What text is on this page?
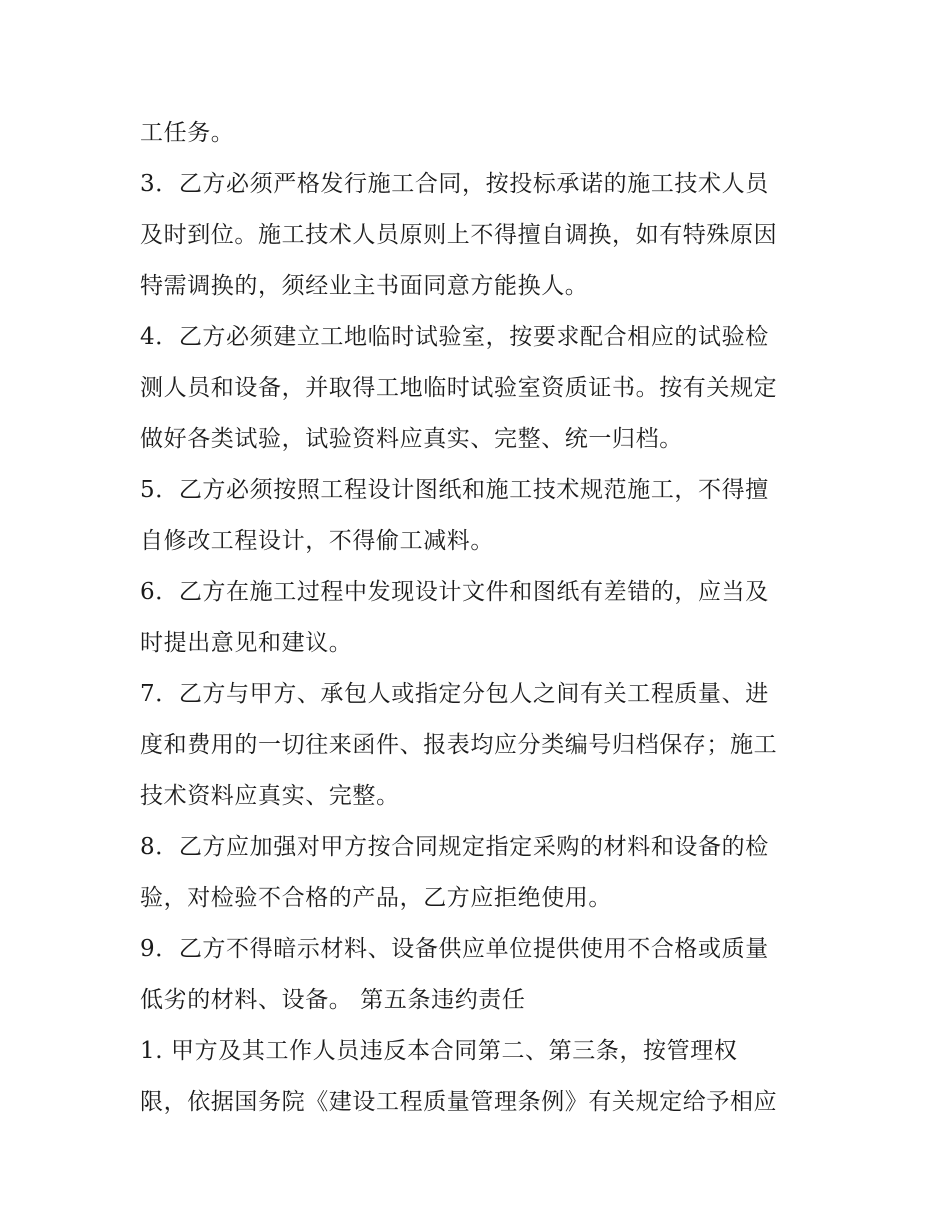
工任务。
3．乙方必须严格发行施工合同，按投标承诺的施工技术人员
及时到位。施工技术人员原则上不得擅自调换，如有特殊原因
特需调换的，须经业主书面同意方能换人。
4．乙方必须建立工地临时试验室，按要求配合相应的试验检
测人员和设备，并取得工地临时试验室资质证书。按有关规定
做好各类试验，试验资料应真实、完整、统一归档。
5．乙方必须按照工程设计图纸和施工技术规范施工，不得擅
自修改工程设计，不得偷工减料。
6．乙方在施工过程中发现设计文件和图纸有差错的，应当及
时提出意见和建议。
7．乙方与甲方、承包人或指定分包人之间有关工程质量、进
度和费用的一切往来函件、报表均应分类编号归档保存；施工
技术资料应真实、完整。
8．乙方应加强对甲方按合同规定指定采购的材料和设备的检
验，对检验不合格的产品，乙方应拒绝使用。
9．乙方不得暗示材料、设备供应单位提供使用不合格或质量
低劣的材料、设备。 第五条违约责任
1. 甲方及其工作人员违反本合同第二、第三条，按管理权
限，依据国务院《建设工程质量管理条例》有关规定给予相应
